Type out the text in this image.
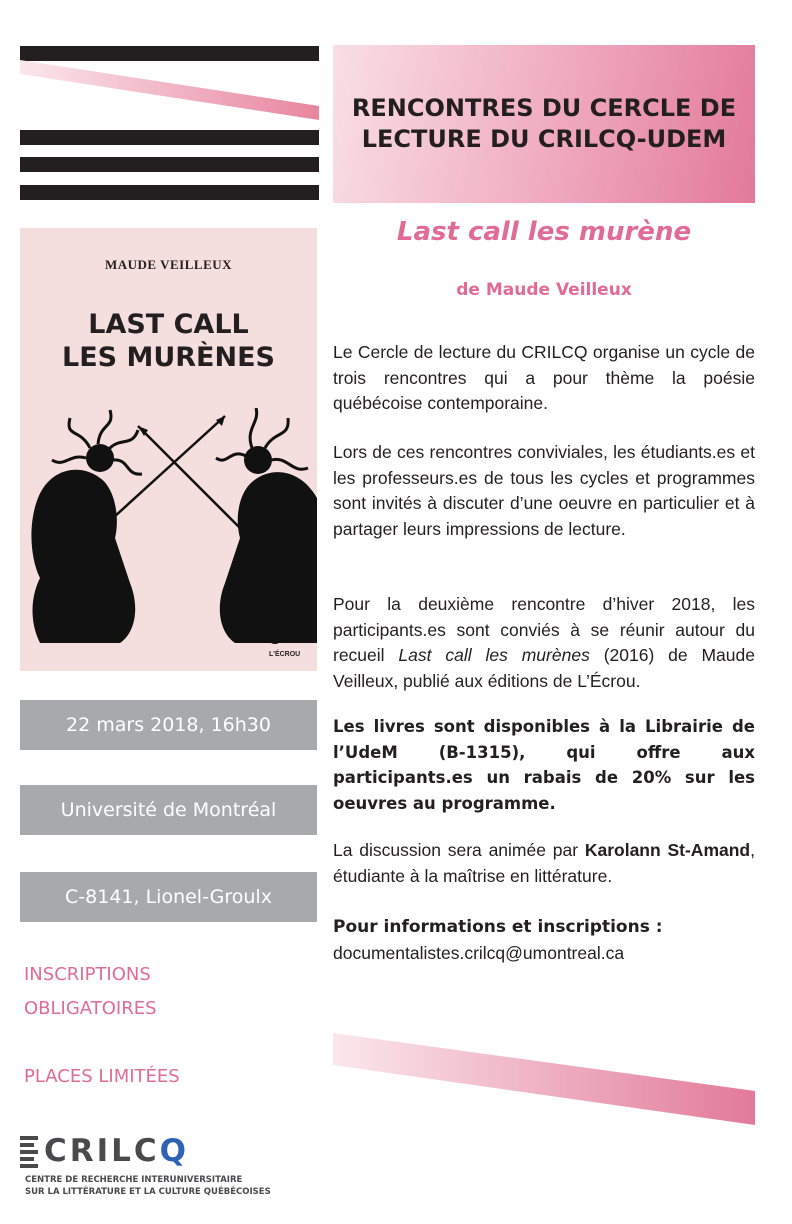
RENCONTRES DU CERCLE DE LECTURE DU CRILCQ-UDEM
MAUDE VEILLEUX
LAST CALL
LES MURÈNES
L'ÉCROU
22 mars 2018, 16h30
Université de Montréal
C-8141, Lionel-Groulx
INSCRIPTIONS OBLIGATOIRES
PLACES LIMITÉES
Last call les murène
de Maude Veilleux

Le Cercle de lecture du CRILCQ organise un cycle de trois rencontres qui a pour thème la poésie québécoise contemporaine.

Lors de ces rencontres conviviales, les étudiants.es et les professeurs.es de tous les cycles et programmes sont invités à discuter d’une oeuvre en particulier et à partager leurs impressions de lecture.

Pour la deuxième rencontre d’hiver 2018, les participants.es sont conviés à se réunir autour du recueil Last call les murènes (2016) de Maude Veilleux, publié aux éditions de L’Écrou.

Les livres sont disponibles à la Librairie de l’UdeM (B-1315), qui offre aux participants.es un rabais de 20% sur les oeuvres au programme.

La discussion sera animée par Karolann St-Amand, étudiante à la maîtrise en littérature.

Pour informations et inscriptions :

documentalistes.crilcq@umontreal.ca

CRILCQ
CENTRE DE RECHERCHE INTERUNIVERSITAIRE
SUR LA LITTÉRATURE ET LA CULTURE QUÉBÉCOISES
